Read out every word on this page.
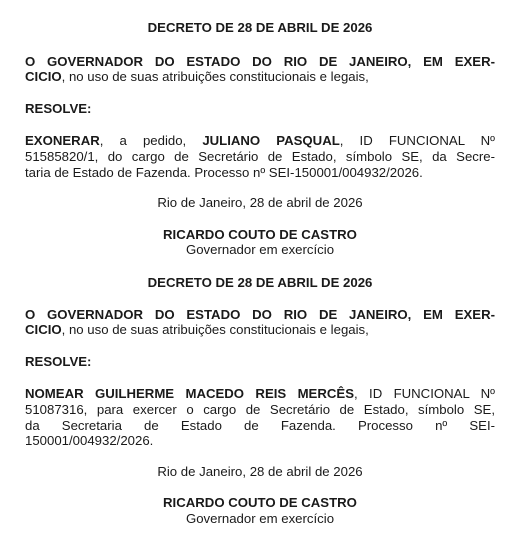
DECRETO DE 28 DE ABRIL DE 2026

O GOVERNADOR DO ESTADO DO RIO DE JANEIRO, EM EXER-

CICIO, no uso de suas atribuições constitucionais e legais,

RESOLVE:

EXONERAR, a pedido, JULIANO PASQUAL, ID FUNCIONAL Nº

51585820/1, do cargo de Secretário de Estado, símbolo SE, da Secre-

taria de Estado de Fazenda. Processo nº SEI-150001/004932/2026.

Rio de Janeiro, 28 de abril de 2026

RICARDO COUTO DE CASTRO

Governador em exercício

DECRETO DE 28 DE ABRIL DE 2026

O GOVERNADOR DO ESTADO DO RIO DE JANEIRO, EM EXER-

CICIO, no uso de suas atribuições constitucionais e legais,

RESOLVE:

NOMEAR GUILHERME MACEDO REIS MERCÊS, ID FUNCIONAL Nº

51087316, para exercer o cargo de Secretário de Estado, símbolo SE,

da Secretaria de Estado de Fazenda. Processo nº SEI-

150001/004932/2026.

Rio de Janeiro, 28 de abril de 2026

RICARDO COUTO DE CASTRO

Governador em exercício
